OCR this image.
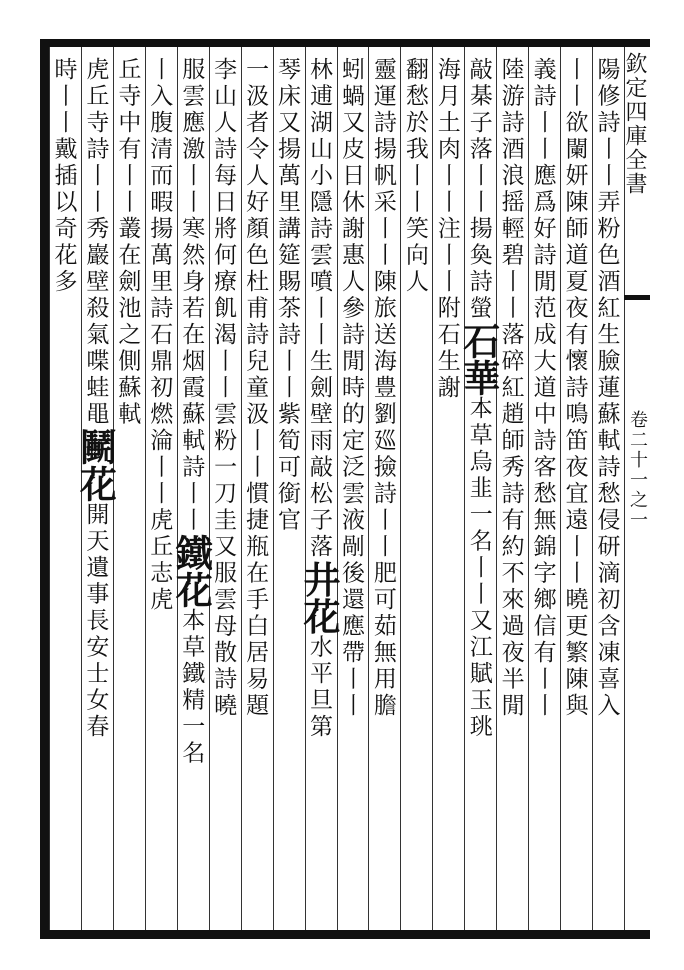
陽修詩丨丨弄粉色酒紅生臉蓮蘇軾詩愁侵研滴初含凍喜入
丨丨欲闌妍陳師道夏夜有懷詩鳴笛夜宜遠丨丨曉更繁陳與
義詩丨丨應爲好詩閒范成大道中詩客愁無錦字鄉信有丨丨
陸游詩酒浪摇輕碧丨丨落碎紅趙師秀詩有約不來過夜半閒
敲棊子落丨丨揚奐詩螢石華本草烏韭一名丨丨又江賦玉珧
海月土肉丨丨注丨丨附石生謝
翻愁於我丨丨笑向人
靈運詩揚帆采丨丨陳旅送海豊劉廵撿詩丨丨肥可茹無用膽
蚓蝸又皮日休謝惠人參詩閒時的定泛雲液剮後還應帶丨丨
林逋湖山小隱詩雲噴丨丨生劍壁雨敲松子落井花水平旦第
琴床又揚萬里講筵賜茶詩丨丨紫筍可銜官
一汲者令人好顏色杜甫詩兒童汲丨丨慣捷瓶在手白居易題
李山人詩每日將何療飢渴丨丨雲粉一刀圭又服雲母散詩曉
服雲應激丨丨寒然身若在烟霞蘇軾詩丨丨鐵花本草鐵精一名
丨入腹清而暇揚萬里詩石鼎初燃淪丨丨虎丘志虎
丘寺中有丨丨叢在劍池之側蘇軾
虎丘寺詩丨丨秀巖壁殺氣喋蛙黽鬭花開天遺事長安士女春
時丨丨戴插以奇花多	欽定四庫全書
卷二十一之一
